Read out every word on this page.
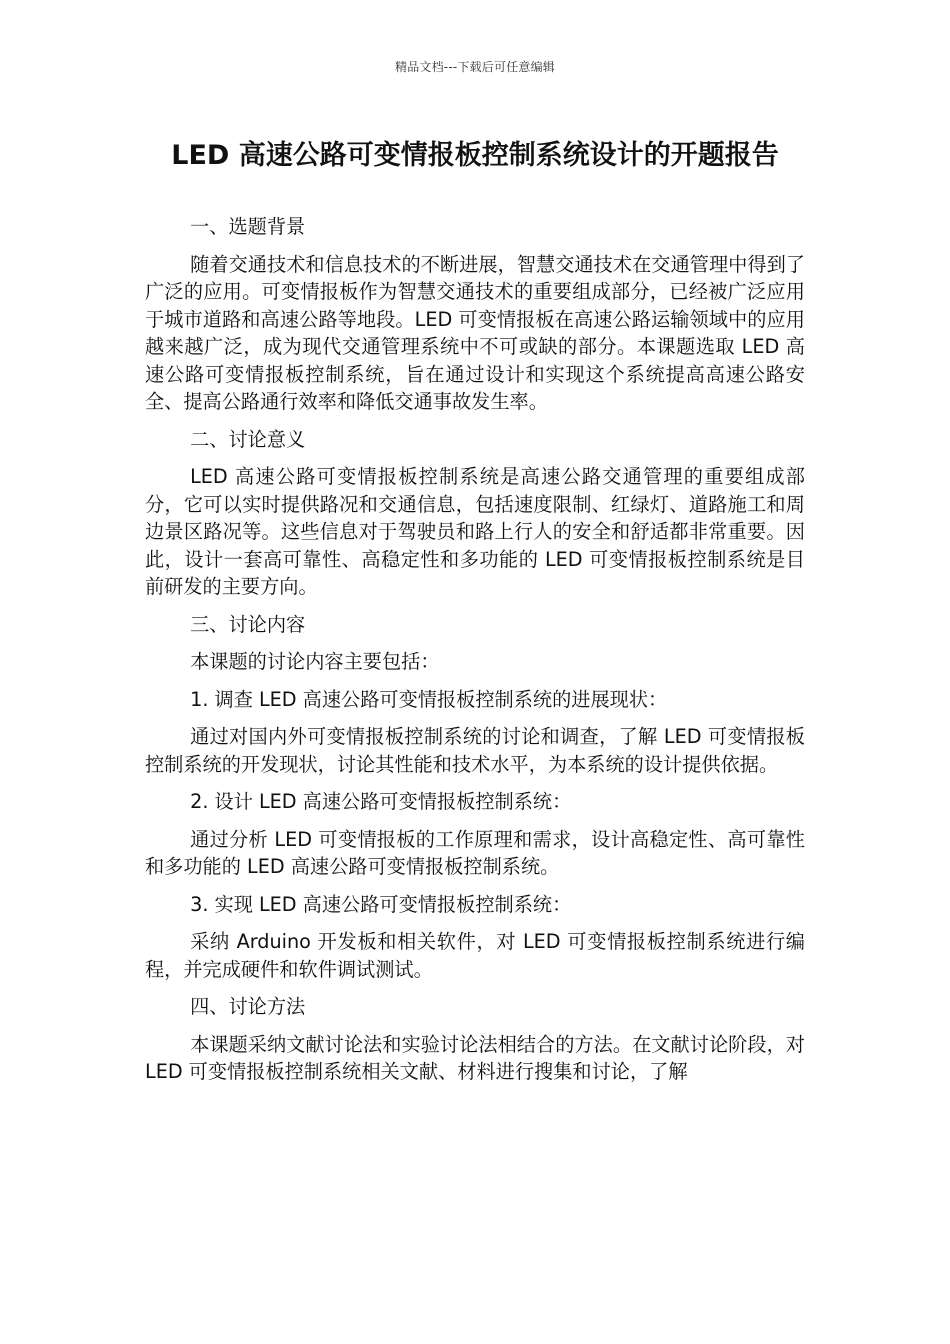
精品文档---下载后可任意编辑
LED 高速公路可变情报板控制系统设计的开题报告

一、选题背景

随着交通技术和信息技术的不断进展，智慧交通技术在交通管理中得到了广泛的应用。可变情报板作为智慧交通技术的重要组成部分，已经被广泛应用于城市道路和高速公路等地段。LED 可变情报板在高速公路运输领域中的应用越来越广泛，成为现代交通管理系统中不可或缺的部分。本课题选取 LED 高速公路可变情报板控制系统，旨在通过设计和实现这个系统提高高速公路安全、提高公路通行效率和降低交通事故发生率。

二、讨论意义

LED 高速公路可变情报板控制系统是高速公路交通管理的重要组成部分，它可以实时提供路况和交通信息，包括速度限制、红绿灯、道路施工和周边景区路况等。这些信息对于驾驶员和路上行人的安全和舒适都非常重要。因此，设计一套高可靠性、高稳定性和多功能的 LED 可变情报板控制系统是目前研发的主要方向。

三、讨论内容

本课题的讨论内容主要包括：

1. 调查 LED 高速公路可变情报板控制系统的进展现状：

通过对国内外可变情报板控制系统的讨论和调查，了解 LED 可变情报板控制系统的开发现状，讨论其性能和技术水平，为本系统的设计提供依据。

2. 设计 LED 高速公路可变情报板控制系统：

通过分析 LED 可变情报板的工作原理和需求，设计高稳定性、高可靠性和多功能的 LED 高速公路可变情报板控制系统。

3. 实现 LED 高速公路可变情报板控制系统：

采纳 Arduino 开发板和相关软件，对 LED 可变情报板控制系统进行编程，并完成硬件和软件调试测试。

四、讨论方法

本课题采纳文献讨论法和实验讨论法相结合的方法。在文献讨论阶段，对 LED 可变情报板控制系统相关文献、材料进行搜集和讨论，了解
